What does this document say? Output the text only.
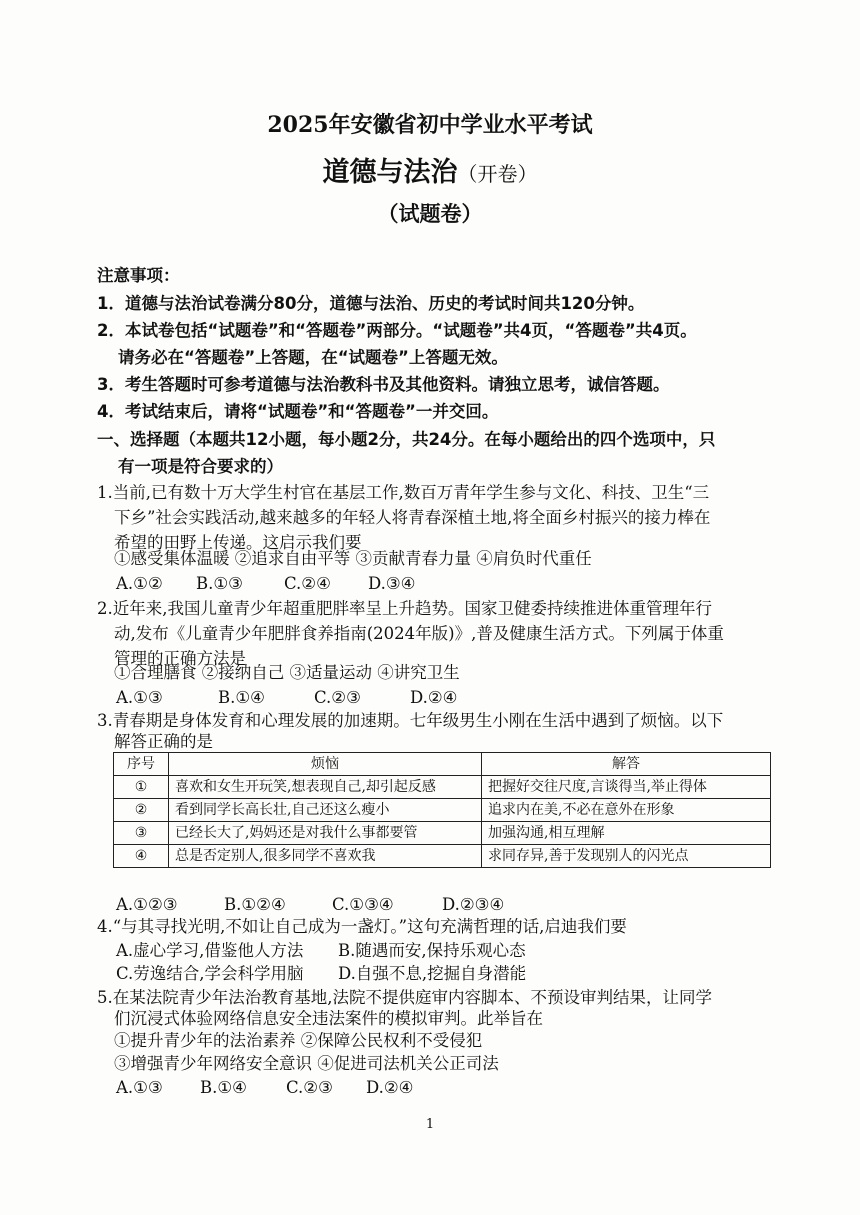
2025年安徽省初中学业水平考试
道德与法治（开卷）
（试题卷）
注意事项：
1．道德与法治试卷满分80分，道德与法治、历史的考试时间共120分钟。
2．本试卷包括“试题卷”和“答题卷”两部分。“试题卷”共4页，“答题卷”共4页。
请务必在“答题卷”上答题，在“试题卷”上答题无效。
3．考生答题时可参考道德与法治教科书及其他资料。请独立思考，诚信答题。
4．考试结束后，请将“试题卷”和“答题卷”一并交回。
一、选择题（本题共12小题，每小题2分，共24分。在每小题给出的四个选项中，只
有一项是符合要求的）
1.当前,已有数十万大学生村官在基层工作,数百万青年学生参与文化、科技、卫生“三
下乡”社会实践活动,越来越多的年轻人将青春深植土地,将全面乡村振兴的接力棒在
希望的田野上传递。这启示我们要
①感受集体温暖 ②追求自由平等 ③贡献青春力量 ④肩负时代重任
A.①② B.①③ C.②④ D.③④
2.近年来,我国儿童青少年超重肥胖率呈上升趋势。国家卫健委持续推进体重管理年行
动,发布《儿童青少年肥胖食养指南(2024年版)》,普及健康生活方式。下列属于体重
管理的正确方法是
①合理膳食 ②接纳自己 ③适量运动 ④讲究卫生
A.①③	B.①④	C.②③	D.②④
3.青春期是身体发育和心理发展的加速期。七年级男生小刚在生活中遇到了烦恼。以下
解答正确的是
序号	烦恼	解答
①	喜欢和女生开玩笑,想表现自己,却引起反感	把握好交往尺度,言谈得当,举止得体
②	看到同学长高长壮,自己还这么瘦小	追求内在美,不必在意外在形象
③	已经长大了,妈妈还是对我什么事都要管	加强沟通,相互理解
④	总是否定别人,很多同学不喜欢我	求同存异,善于发现别人的闪光点
A.①②③	B.①②④	C.①③④	D.②③④
4.“与其寻找光明,不如让自己成为一盏灯。”这句充满哲理的话,启迪我们要
A.虚心学习,借鉴他人方法 B.随遇而安,保持乐观心态
C.劳逸结合,学会科学用脑 D.自强不息,挖掘自身潜能
5.在某法院青少年法治教育基地,法院不提供庭审内容脚本、不预设审判结果，让同学
们沉浸式体验网络信息安全违法案件的模拟审判。此举旨在
①提升青少年的法治素养 ②保障公民权利不受侵犯
③增强青少年网络安全意识 ④促进司法机关公正司法
A.①③ B.①④ C.②③ D.②④
1
